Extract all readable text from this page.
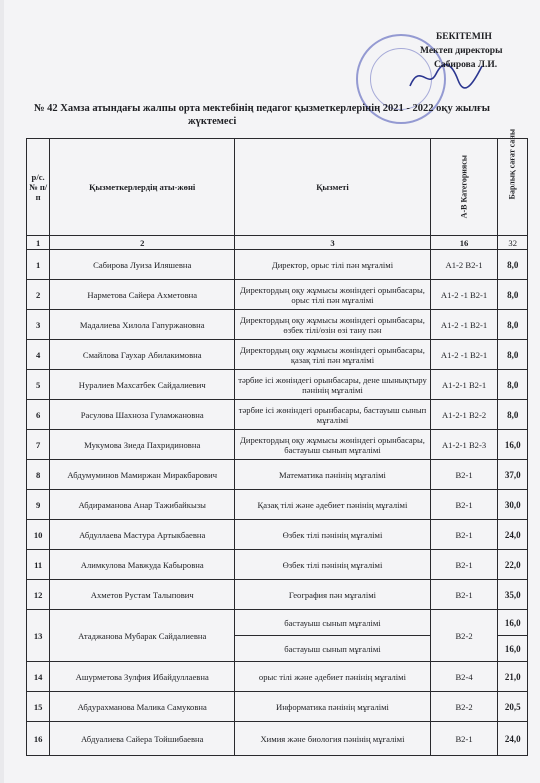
БЕКІТЕМІН
Мектеп директоры
Сабирова Л.И.
№ 42 Хамза атындағы жалпы орта мектебінің педагог қызметкерлерінің 2021 - 2022 оқу жылғы
жүктемесі
р/с. № п/п	Қызметкерлердің аты-жөні	Қызметі	А-В Категориясы	Барлық сағат саны

1	2	3	16	32
1	Сабирова Луиза Иляшевна	Директор, орыс тілі пән мұғалімі	А1-2 В2-1	8,0
2	Нарметова Сайера Ахметовна	Директордың оқу жұмысы жөніндегі орынбасары, орыс тілі пән мұғалімі	А1-2 -1 В2-1	8,0
3	Мадалиева Хилола Гапуржановна	Директордың оқу жұмысы жөніндегі орынбасары, өзбек тілі/өзін өзі тану пән	А1-2 -1 В2-1	8,0
4	Смайлова Гаухар Абилакимовна	Директордың оқу жұмысы жөніндегі орынбасары, қазақ тілі пән мұғалімі	А1-2 -1 В2-1	8,0
5	Нуралиев Махсатбек Сайдалиевич	тәрбие ісі жөніндегі орынбасары, дене шынықтыру пәнінің мұғалімі	А1-2-1 В2-1	8,0
6	Расулова Шахноза Гуламжановна	тәрбие ісі жөніндегі орынбасары, бастауыш сынып мұғалімі	А1-2-1 В2-2	8,0
7	Мукумова Зиеда Пахридиновна	Директордың оқу жұмысы жөніндегі орынбасары, бастауыш сынып мұғалімі	А1-2-1 В2-3	16,0
8	Абдумуминов Мамиржан Миракбарович	Математика пәнінің мұғалімі	В2-1	37,0
9	Абдираманова Анар Тажибайкызы	Қазақ тілі және әдебиет пәнінің мұғалімі	В2-1	30,0
10	Абдуллаева Мастура Артыкбаевна	Өзбек тілі пәнінің мұғалімі	В2-1	24,0
11	Алимкулова Мавжуда Кабыровна	Өзбек тілі пәнінің мұғалімі	В2-1	22,0
12	Ахметов Рустам Талыпович	География пән мұғалімі	В2-1	35,0
13	Атаджанова Мубарак Сайдалиевна	бастауыш сынып мұғалімі	В2-2	16,0
		бастауыш сынып мұғалімі		16,0
14	Ашурметова Зулфия Ибайдуллаевна	орыс тілі және әдебиет пәнінің мұғалімі	В2-4	21,0
15	Абдурахманова Малика Самуковна	Информатика пәнінің мұғалімі	В2-2	20,5
16	Абдуалиева Сайера Тойшибаевна	Химия және биология пәнінің мұғалімі	В2-1	24,0
